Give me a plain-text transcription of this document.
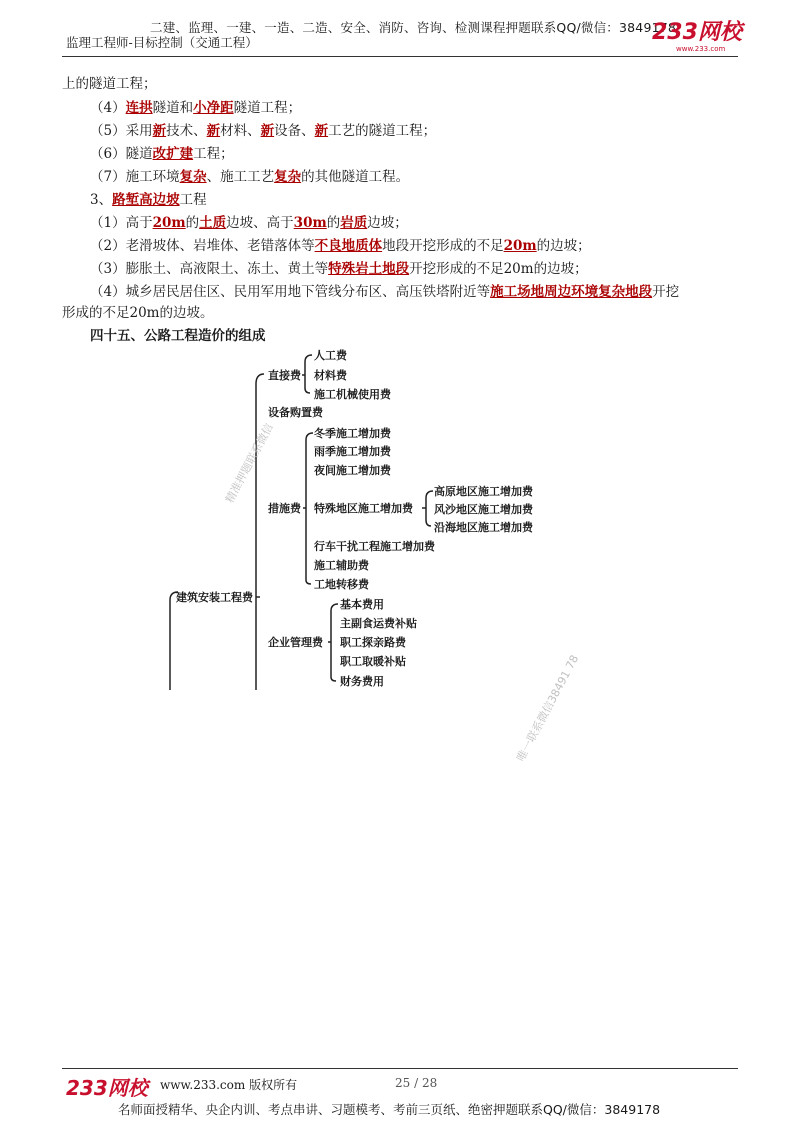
二建、监理、一建、一造、二造、安全、消防、咨询、检测课程押题联系QQ/微信：3849178
监理工程师-目标控制（交通工程）	233网校
www.233.com
上的隧道工程；
（4）连拱隧道和小净距隧道工程；
（5）采用新技术、新材料、新设备、新工艺的隧道工程；
（6）隧道改扩建工程；
（7）施工环境复杂、施工工艺复杂的其他隧道工程。
3、路堑高边坡工程
（1）高于20m的土质边坡、高于30m的岩质边坡；
（2）老滑坡体、岩堆体、老错落体等不良地质体地段开挖形成的不足20m的边坡；
（3）膨胀土、高液限土、冻土、黄土等特殊岩土地段开挖形成的不足20m的边坡；
（4）城乡居民居住区、民用军用地下管线分布区、高压铁塔附近等施工场地周边环境复杂地段开挖
形成的不足20m的边坡。
四十五、公路工程造价的组成
建筑安装工程费
直接费
人工费
材料费
施工机械使用费
设备购置费
措施费
冬季施工增加费
雨季施工增加费
夜间施工增加费
特殊地区施工增加费
行车干扰工程施工增加费
施工辅助费
工地转移费
高原地区施工增加费
风沙地区施工增加费
沿海地区施工增加费
企业管理费
基本费用
主副食运费补贴
职工探亲路费
职工取暖补贴
财务费用
精准押题联系微信
唯一联系微信38491 78
233网校 www.233.com 版权所有	25 / 28
名师面授精华、央企内训、考点串讲、习题模考、考前三页纸、绝密押题联系QQ/微信：3849178
